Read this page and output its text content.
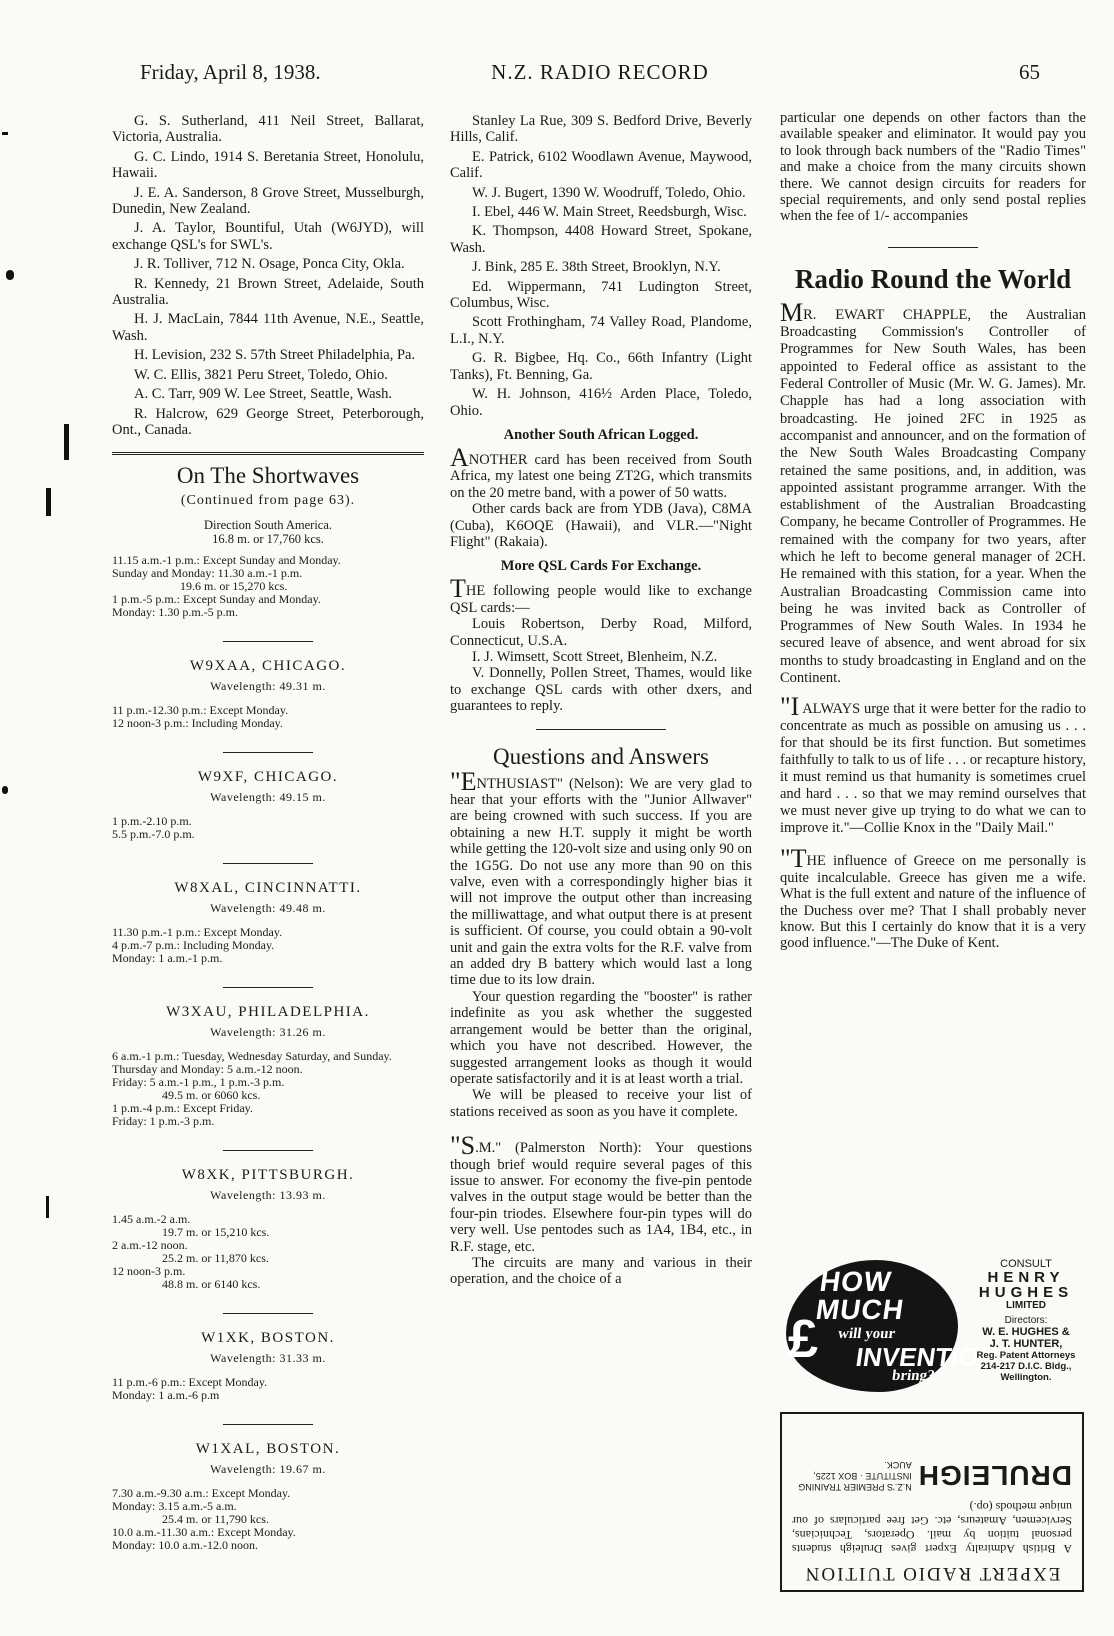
Friday, April 8, 1938.	N.Z. RADIO RECORD	65

G. S. Sutherland, 411 Neil Street, Ballarat, Victoria, Australia.

G. C. Lindo, 1914 S. Beretania Street, Honolulu, Hawaii.

J. E. A. Sanderson, 8 Grove Street, Musselburgh, Dunedin, New Zealand.

J. A. Taylor, Bountiful, Utah (W6JYD), will exchange QSL's for SWL's.

J. R. Tolliver, 712 N. Osage, Ponca City, Okla.

R. Kennedy, 21 Brown Street, Adelaide, South Australia.

H. J. MacLain, 7844 11th Avenue, N.E., Seattle, Wash.

H. Levision, 232 S. 57th Street Philadelphia, Pa.

W. C. Ellis, 3821 Peru Street, Toledo, Ohio.

A. C. Tarr, 909 W. Lee Street, Seattle, Wash.

R. Halcrow, 629 George Street, Peterborough, Ont., Canada.

On The Shortwaves
(Continued from page 63).
Direction South America.
16.8 m. or 17,760 kcs.
11.15 a.m.-1 p.m.: Except Sunday and Monday.
Sunday and Monday: 11.30 a.m.-1 p.m.
19.6 m. or 15,270 kcs.
1 p.m.-5 p.m.: Except Sunday and Monday.
Monday: 1.30 p.m.-5 p.m.
W9XAA, CHICAGO.
Wavelength: 49.31 m.
11 p.m.-12.30 p.m.: Except Monday.
12 noon-3 p.m.: Including Monday.
W9XF, CHICAGO.
Wavelength: 49.15 m.
1 p.m.-2.10 p.m.
5.5 p.m.-7.0 p.m.
W8XAL, CINCINNATTI.
Wavelength: 49.48 m.
11.30 p.m.-1 p.m.: Except Monday.
4 p.m.-7 p.m.: Including Monday.
Monday: 1 a.m.-1 p.m.
W3XAU, PHILADELPHIA.
Wavelength: 31.26 m.
6 a.m.-1 p.m.: Tuesday, Wednesday Saturday, and Sunday.
Thursday and Monday: 5 a.m.-12 noon.
Friday: 5 a.m.-1 p.m., 1 p.m.-3 p.m.
49.5 m. or 6060 kcs.
1 p.m.-4 p.m.: Except Friday.
Friday: 1 p.m.-3 p.m.
W8XK, PITTSBURGH.
Wavelength: 13.93 m.
1.45 a.m.-2 a.m.
19.7 m. or 15,210 kcs.
2 a.m.-12 noon.
25.2 m. or 11,870 kcs.
12 noon-3 p.m.
48.8 m. or 6140 kcs.
W1XK, BOSTON.
Wavelength: 31.33 m.
11 p.m.-6 p.m.: Except Monday.
Monday: 1 a.m.-6 p.m
W1XAL, BOSTON.
Wavelength: 19.67 m.
7.30 a.m.-9.30 a.m.: Except Monday.
Monday: 3.15 a.m.-5 a.m.
25.4 m. or 11,790 kcs.
10.0 a.m.-11.30 a.m.: Except Monday.
Monday: 10.0 a.m.-12.0 noon.

Stanley La Rue, 309 S. Bedford Drive, Beverly Hills, Calif.

E. Patrick, 6102 Woodlawn Avenue, Maywood, Calif.

W. J. Bugert, 1390 W. Woodruff, Toledo, Ohio.

I. Ebel, 446 W. Main Street, Reedsburgh, Wisc.

K. Thompson, 4408 Howard Street, Spokane, Wash.

J. Bink, 285 E. 38th Street, Brooklyn, N.Y.

Ed. Wippermann, 741 Ludington Street, Columbus, Wisc.

Scott Frothingham, 74 Valley Road, Plandome, L.I., N.Y.

G. R. Bigbee, Hq. Co., 66th Infantry (Light Tanks), Ft. Benning, Ga.

W. H. Johnson, 416½ Arden Place, Toledo, Ohio.

Another South African Logged.

ANOTHER card has been received from South Africa, my latest one being ZT2G, which transmits on the 20 metre band, with a power of 50 watts.

Other cards back are from YDB (Java), C8MA (Cuba), K6OQE (Hawaii), and VLR.—"Night Flight" (Rakaia).

More QSL Cards For Exchange.

THE following people would like to exchange QSL cards:—

Louis Robertson, Derby Road, Milford, Connecticut, U.S.A.

I. J. Wimsett, Scott Street, Blenheim, N.Z.

V. Donnelly, Pollen Street, Thames, would like to exchange QSL cards with other dxers, and guarantees to reply.

Questions and Answers

"ENTHUSIAST" (Nelson): We are very glad to hear that your efforts with the "Junior Allwaver" are being crowned with such success. If you are obtaining a new H.T. supply it might be worth while getting the 120-volt size and using only 90 on the 1G5G. Do not use any more than 90 on this valve, even with a correspondingly higher bias it will not improve the output other than increasing the milliwattage, and what output there is at present is sufficient. Of course, you could obtain a 90-volt unit and gain the extra volts for the R.F. valve from an added dry B battery which would last a long time due to its low drain.

Your question regarding the "booster" is rather indefinite as you ask whether the suggested arrangement would be better than the original, which you have not described. However, the suggested arrangement looks as though it would operate satisfactorily and it is at least worth a trial.

We will be pleased to receive your list of stations received as soon as you have it complete.

"S.M." (Palmerston North): Your questions though brief would require several pages of this issue to answer. For economy the five-pin pentode valves in the output stage would be better than the four-pin triodes. Elsewhere four-pin types will do very well. Use pentodes such as 1A4, 1B4, etc., in R.F. stage, etc.

The circuits are many and various in their operation, and the choice of a

particular one depends on other factors than the available speaker and eliminator. It would pay you to look through back numbers of the "Radio Times" and make a choice from the many circuits shown there. We cannot design circuits for readers for special requirements, and only send postal replies when the fee of 1/- accompanies

Radio Round the World

MR. EWART CHAPPLE, the Australian Broadcasting Commission's Controller of Programmes for New South Wales, has been appointed to Federal office as assistant to the Federal Controller of Music (Mr. W. G. James). Mr. Chapple has had a long association with broadcasting. He joined 2FC in 1925 as accompanist and announcer, and on the formation of the New South Wales Broadcasting Company retained the same positions, and, in addition, was appointed assistant programme arranger. With the establishment of the Australian Broadcasting Company, he became Controller of Programmes. He remained with the company for two years, after which he left to become general manager of 2CH. He remained with this station, for a year. When the Australian Broadcasting Commission came into being he was invited back as Controller of Programmes of New South Wales. In 1934 he secured leave of absence, and went abroad for six months to study broadcasting in England and on the Continent.

"I ALWAYS urge that it were better for the radio to concentrate as much as possible on amusing us . . . for that should be its first function. But sometimes faithfully to talk to us of life . . . or recapture history, it must remind us that humanity is sometimes cruel and hard . . . so that we may remind ourselves that we must never give up trying to do what we can to improve it."—Collie Knox in the "Daily Mail."

"THE influence of Greece on me personally is quite incalculable. Greece has given me a wife. What is the full extent and nature of the influence of the Duchess over me? That I shall probably never know. But this I certainly do know that it is a very good influence."—The Duke of Kent.

£
HOW
MUCH
will your
INVENTION
bring?
CONSULT
HENRY
HUGHES
LIMITED
Directors:
W. E. HUGHES &
J. T. HUNTER,
Reg. Patent Attorneys
214-217 D.I.C. Bldg.,
Wellington.
EXPERT RADIO TUITION
A British Admiralty Expert gives Druleigh students personal tuition by mail. Operators, Technicians, Servicemen, Amateurs, etc. Get free particulars of our unique methods (op.)
DRULEIGH
N.Z.'S PREMIER TRAINING
INSTITUTE · BOX 1225, AUCK.
